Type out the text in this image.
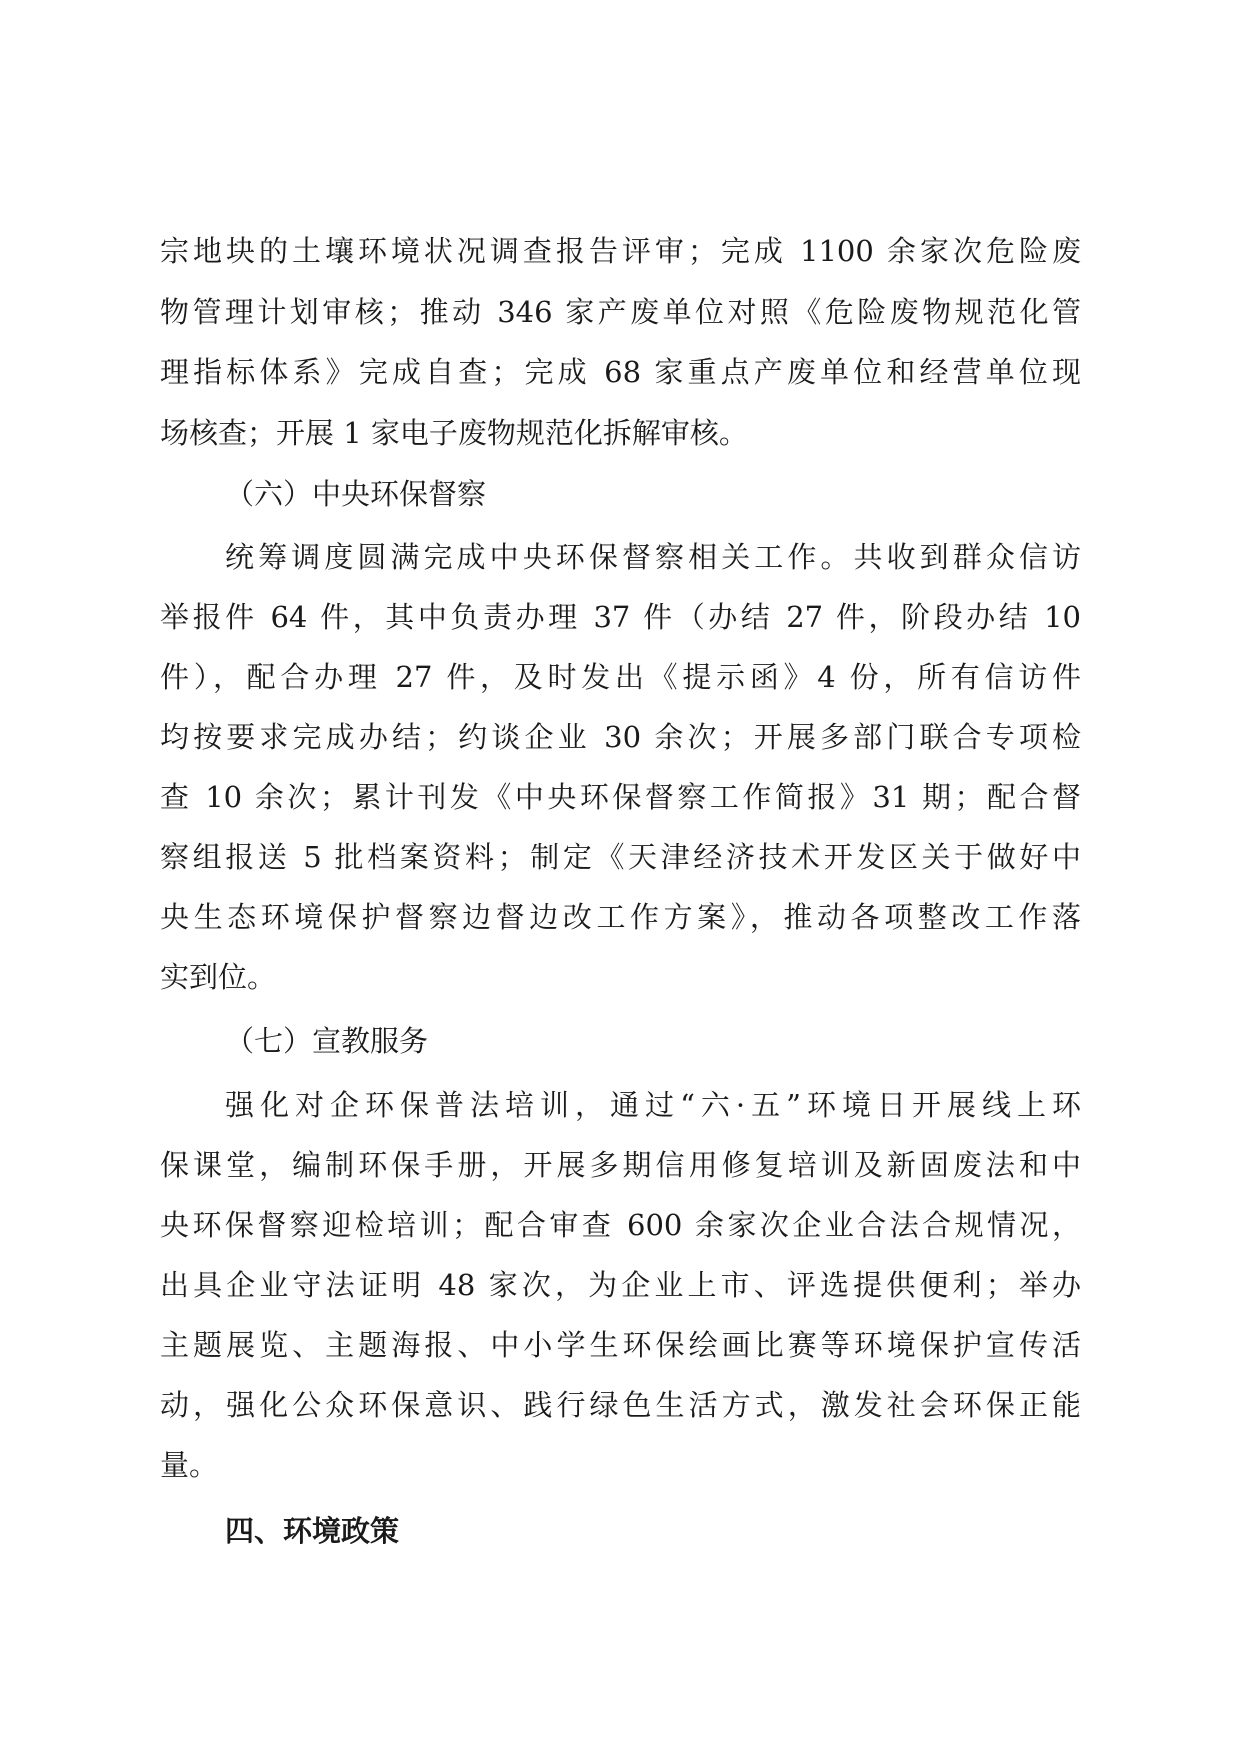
宗地块的土壤环境状况调查报告评审；完成 1100 余家次危险废
物管理计划审核；推动 346 家产废单位对照《危险废物规范化管
理指标体系》完成自查；完成 68 家重点产废单位和经营单位现
场核查；开展 1 家电子废物规范化拆解审核。
（六）中央环保督察
统筹调度圆满完成中央环保督察相关工作。共收到群众信访
举报件 64 件，其中负责办理 37 件（办结 27 件，阶段办结 10
件），配合办理 27 件，及时发出《提示函》4 份，所有信访件
均按要求完成办结；约谈企业 30 余次；开展多部门联合专项检
查 10 余次；累计刊发《中央环保督察工作简报》31 期；配合督
察组报送 5 批档案资料；制定《天津经济技术开发区关于做好中
央生态环境保护督察边督边改工作方案》，推动各项整改工作落
实到位。
（七）宣教服务
强化对企环保普法培训，通过“六·五”环境日开展线上环
保课堂，编制环保手册，开展多期信用修复培训及新固废法和中
央环保督察迎检培训；配合审查 600 余家次企业合法合规情况，
出具企业守法证明 48 家次，为企业上市、评选提供便利；举办
主题展览、主题海报、中小学生环保绘画比赛等环境保护宣传活
动，强化公众环保意识、践行绿色生活方式，激发社会环保正能
量。
四、环境政策
